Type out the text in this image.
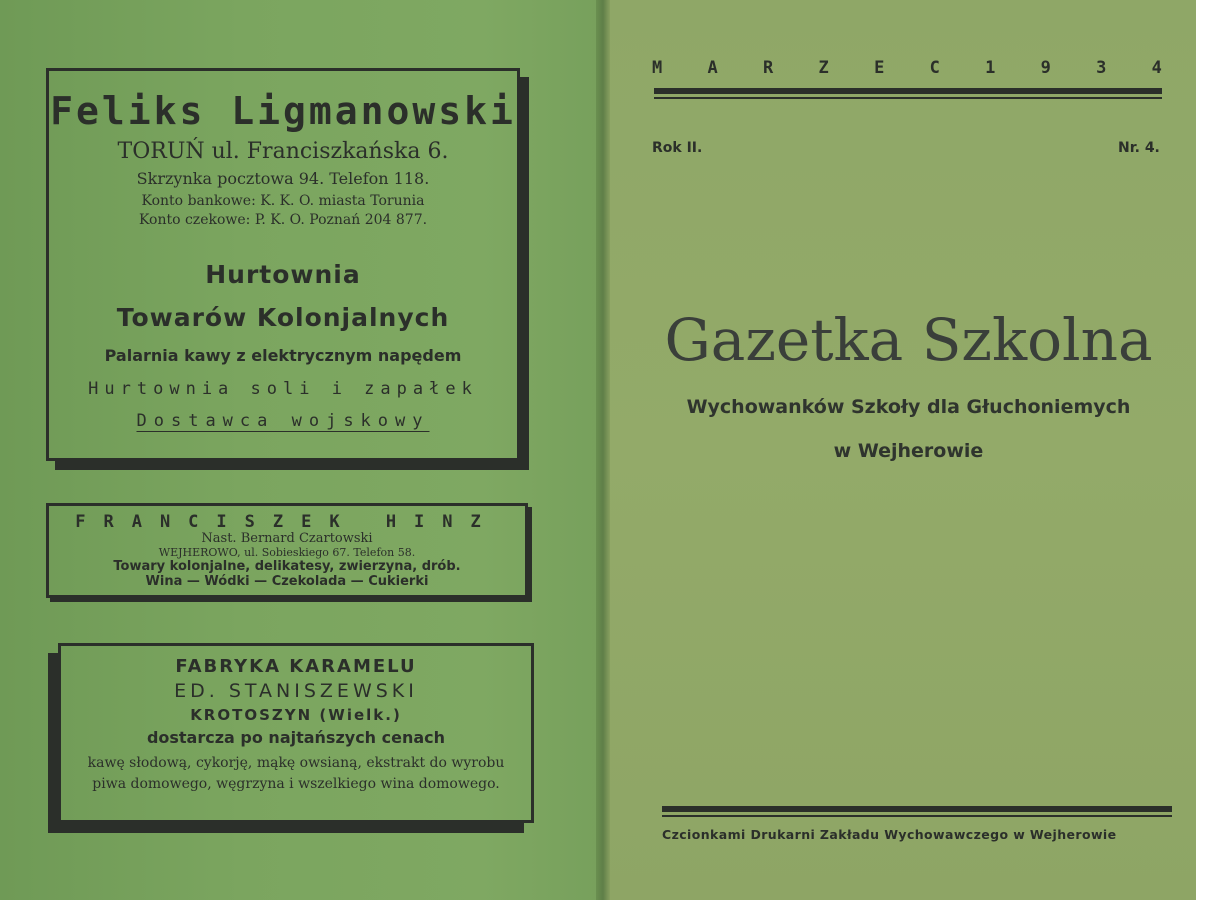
Feliks Ligmanowski
TORUŃ ul. Franciszkańska 6.
Skrzynka pocztowa 94. Telefon 118.

Konto bankowe: K. K. O. miasta Torunia

Konto czekowe: P. K. O. Poznań 204 877.

Hurtownia
Towarów Kolonjalnych
Palarnia kawy z elektrycznym napędem
Hurtownia soli i zapałek
Dostawca wojskowy
FRANCISZEK HINZ
Nast. Bernard Czartowski
WEJHEROWO, ul. Sobieskiego 67. Telefon 58.
Towary kolonjalne, delikatesy, zwierzyna, drób.
Wina — Wódki — Czekolada — Cukierki
FABRYKA KARAMELU
ED. STANISZEWSKI
KROTOSZYN (Wielk.)
dostarcza po najtańszych cenach

kawę słodową, cykorję, mąkę owsianą, ekstrakt do wyrobu

piwa domowego, węgrzyna i wszelkiego wina domowego.

M	A	R	Z	E	C	1	9	3	4
Rok II.	Nr. 4.
Gazetka Szkolna
Wychowanków Szkoły dla Głuchoniemych
w Wejherowie
Czcionkami Drukarni Zakładu Wychowawczego w Wejherowie
